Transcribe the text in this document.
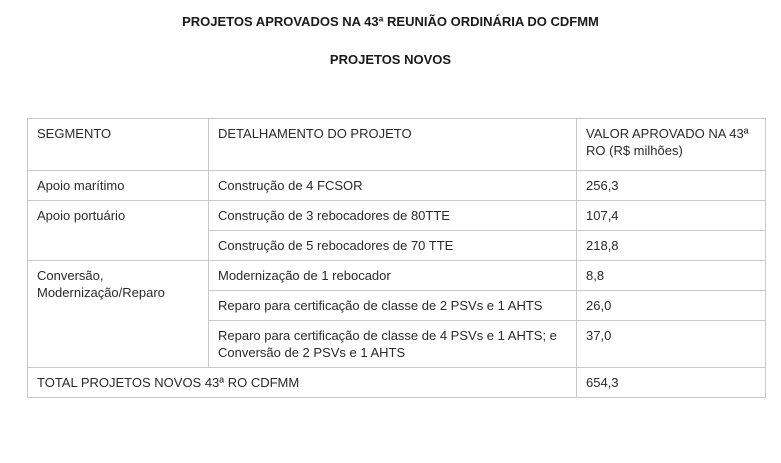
PROJETOS APROVADOS NA 43ª REUNIÃO ORDINÁRIA DO CDFMM
PROJETOS NOVOS
SEGMENTO	DETALHAMENTO DO PROJETO	VALOR APROVADO NA 43ª RO (R$ milhões)
Apoio marítimo	Construção de 4 FCSOR	256,3
Apoio portuário	Construção de 3 rebocadores de 80TTE	107,4
	Construção de 5 rebocadores de 70 TTE	218,8
Conversão, Modernização/Reparo	Modernização de 1 rebocador	8,8
	Reparo para certificação de classe de 2 PSVs e 1 AHTS	26,0
	Reparo para certificação de classe de 4 PSVs e 1 AHTS; e Conversão de 2 PSVs e 1 AHTS	37,0
TOTAL PROJETOS NOVOS 43ª RO CDFMM		654,3
